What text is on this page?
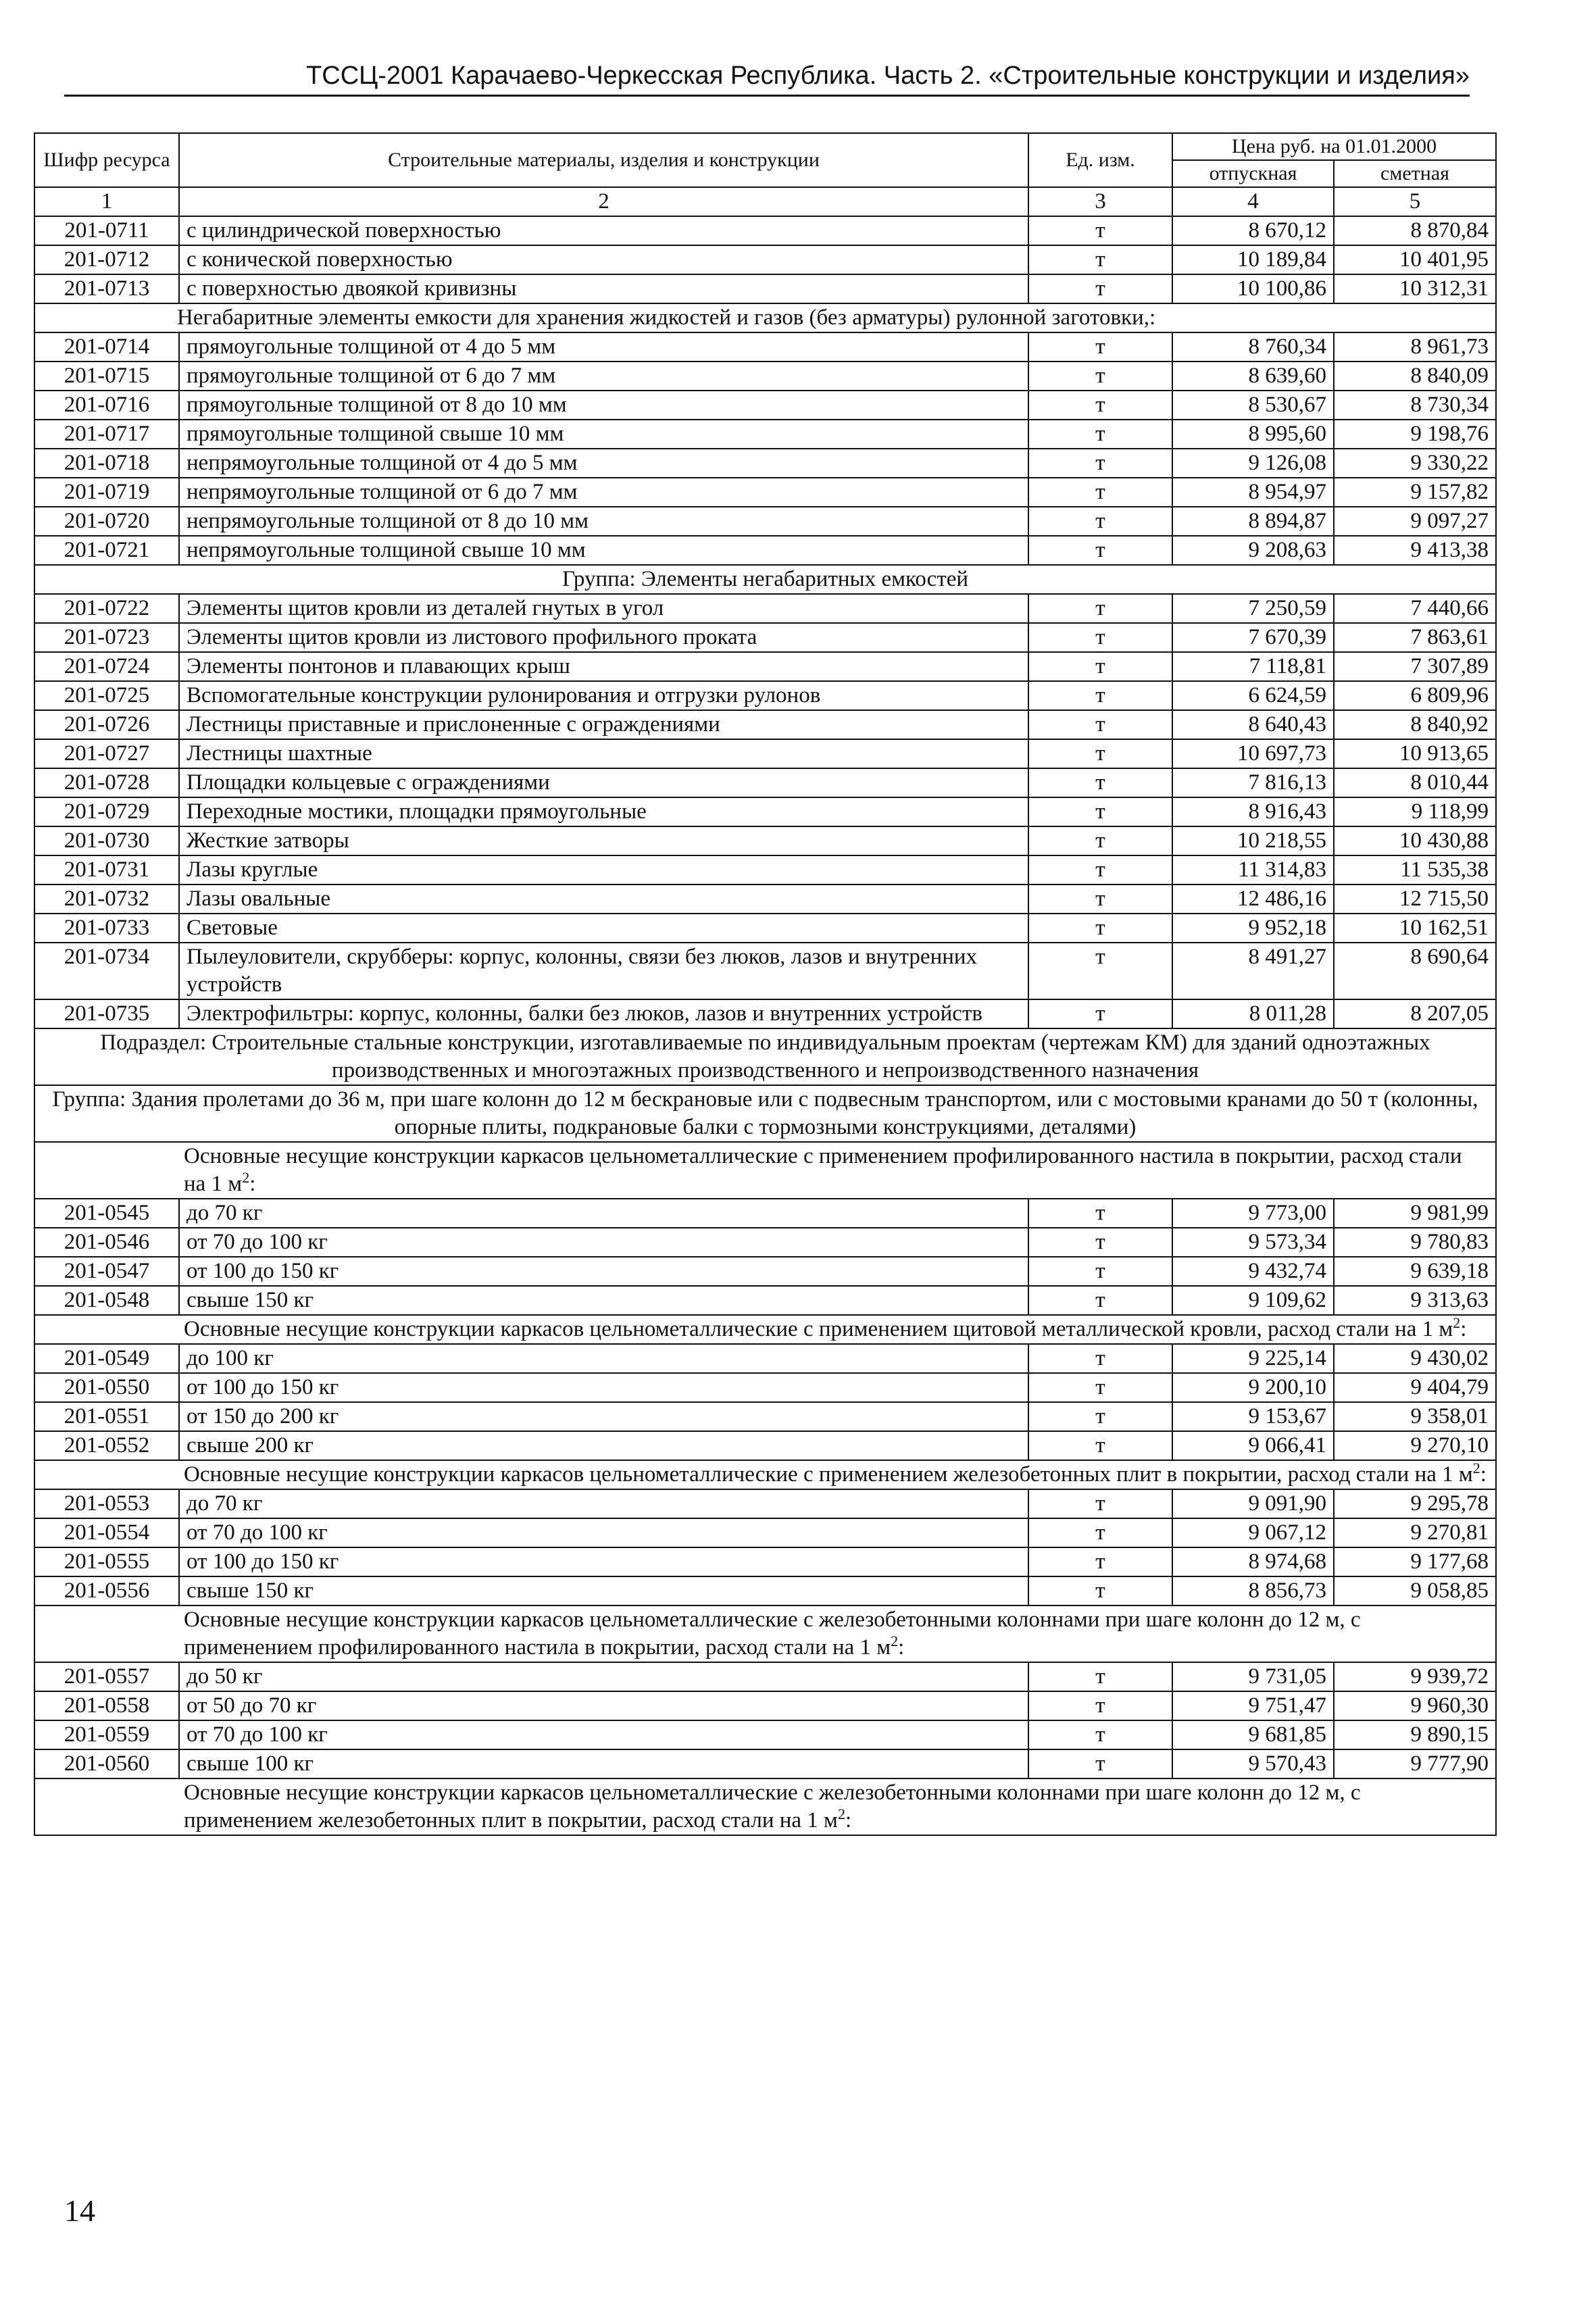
ТССЦ-2001 Карачаево-Черкесская Республика. Часть 2. «Строительные конструкции и изделия»
Шифр ресурса	Строительные материалы, изделия и конструкции	Ед. изм.	Цена руб. на 01.01.2000	
			отпускная	сметная
1	2	3	4	5
201-0711	с цилиндрической поверхностью	т	8 670,12	8 870,84
201-0712	с конической поверхностью	т	10 189,84	10 401,95
201-0713	с поверхностью двоякой кривизны	т	10 100,86	10 312,31
Негабаритные элементы емкости для хранения жидкостей и газов (без арматуры) рулонной заготовки,:				
201-0714	прямоугольные толщиной от 4 до 5 мм	т	8 760,34	8 961,73
201-0715	прямоугольные толщиной от 6 до 7 мм	т	8 639,60	8 840,09
201-0716	прямоугольные толщиной от 8 до 10 мм	т	8 530,67	8 730,34
201-0717	прямоугольные толщиной свыше 10 мм	т	8 995,60	9 198,76
201-0718	непрямоугольные толщиной от 4 до 5 мм	т	9 126,08	9 330,22
201-0719	непрямоугольные толщиной от 6 до 7 мм	т	8 954,97	9 157,82
201-0720	непрямоугольные толщиной от 8 до 10 мм	т	8 894,87	9 097,27
201-0721	непрямоугольные толщиной свыше 10 мм	т	9 208,63	9 413,38
Группа: Элементы негабаритных емкостей				
201-0722	Элементы щитов кровли из деталей гнутых в угол	т	7 250,59	7 440,66
201-0723	Элементы щитов кровли из листового профильного проката	т	7 670,39	7 863,61
201-0724	Элементы понтонов и плавающих крыш	т	7 118,81	7 307,89
201-0725	Вспомогательные конструкции рулонирования и отгрузки рулонов	т	6 624,59	6 809,96
201-0726	Лестницы приставные и прислоненные с ограждениями	т	8 640,43	8 840,92
201-0727	Лестницы шахтные	т	10 697,73	10 913,65
201-0728	Площадки кольцевые с ограждениями	т	7 816,13	8 010,44
201-0729	Переходные мостики, площадки прямоугольные	т	8 916,43	9 118,99
201-0730	Жесткие затворы	т	10 218,55	10 430,88
201-0731	Лазы круглые	т	11 314,83	11 535,38
201-0732	Лазы овальные	т	12 486,16	12 715,50
201-0733	Световые	т	9 952,18	10 162,51
201-0734	Пылеуловители, скрубберы: корпус, колонны, связи без люков, лазов и внутренних устройств	т	8 491,27	8 690,64
201-0735	Электрофильтры: корпус, колонны, балки без люков, лазов и внутренних устройств	т	8 011,28	8 207,05
Подраздел: Строительные стальные конструкции, изготавливаемые по индивидуальным проектам (чертежам КМ) для зданий одноэтажных производственных и многоэтажных производственного и непроизводственного назначения				
Группа: Здания пролетами до 36 м, при шаге колонн до 12 м бескрановые или с подвесным транспортом, или с мостовыми кранами до 50 т (колонны, опорные плиты, подкрановые балки с тормозными конструкциями, деталями)				
Основные несущие конструкции каркасов цельнометаллические с применением профилированного настила в покрытии, расход стали на 1 $м^2$:				
201-0545	до 70 кг	т	9 773,00	9 981,99
201-0546	от 70 до 100 кг	т	9 573,34	9 780,83
201-0547	от 100 до 150 кг	т	9 432,74	9 639,18
201-0548	свыше 150 кг	т	9 109,62	9 313,63
Основные несущие конструкции каркасов цельнометаллические с применением щитовой металлической кровли, расход стали на 1 $м^2$:				
201-0549	до 100 кг	т	9 225,14	9 430,02
201-0550	от 100 до 150 кг	т	9 200,10	9 404,79
201-0551	от 150 до 200 кг	т	9 153,67	9 358,01
201-0552	свыше 200 кг	т	9 066,41	9 270,10
Основные несущие конструкции каркасов цельнометаллические с применением железобетонных плит в покрытии, расход стали на 1 $м^2$:				
201-0553	до 70 кг	т	9 091,90	9 295,78
201-0554	от 70 до 100 кг	т	9 067,12	9 270,81
201-0555	от 100 до 150 кг	т	8 974,68	9 177,68
201-0556	свыше 150 кг	т	8 856,73	9 058,85
Основные несущие конструкции каркасов цельнометаллические с железобетонными колоннами при шаге колонн до 12 м, с применением профилированного настила в покрытии, расход стали на 1 $м^2$:				
201-0557	до 50 кг	т	9 731,05	9 939,72
201-0558	от 50 до 70 кг	т	9 751,47	9 960,30
201-0559	от 70 до 100 кг	т	9 681,85	9 890,15
201-0560	свыше 100 кг	т	9 570,43	9 777,90
Основные несущие конструкции каркасов цельнометаллические с железобетонными колоннами при шаге колонн до 12 м, с применением железобетонных плит в покрытии, расход стали на 1 $м^2$:				
14
